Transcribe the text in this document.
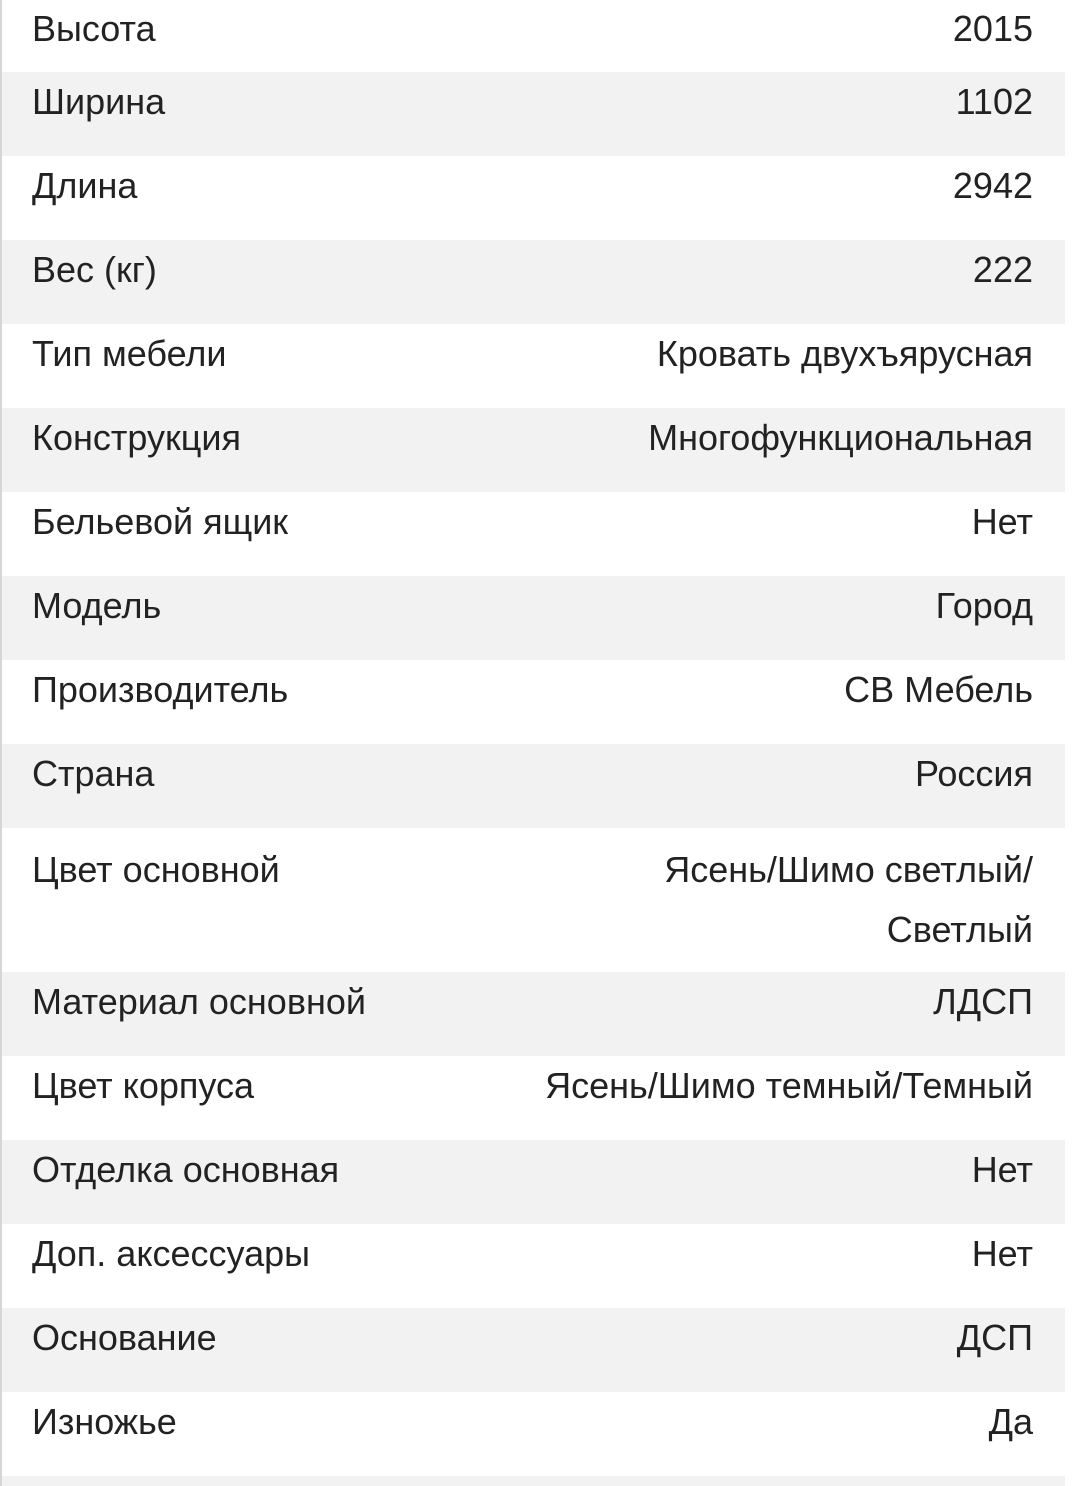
Высота	2015
Ширина	1102
Длина	2942
Вес (кг)	222
Тип мебели	Кровать двухъярусная
Конструкция	Многофункциональная
Бельевой ящик	Нет
Модель	Город
Производитель	СВ Мебель
Страна	Россия
Цвет основной	Ясень/Шимо светлый/ Светлый
Материал основной	ЛДСП
Цвет корпуса	Ясень/Шимо темный/Темный
Отделка основная	Нет
Доп. аксессуары	Нет
Основание	ДСП
Изножье	Да
